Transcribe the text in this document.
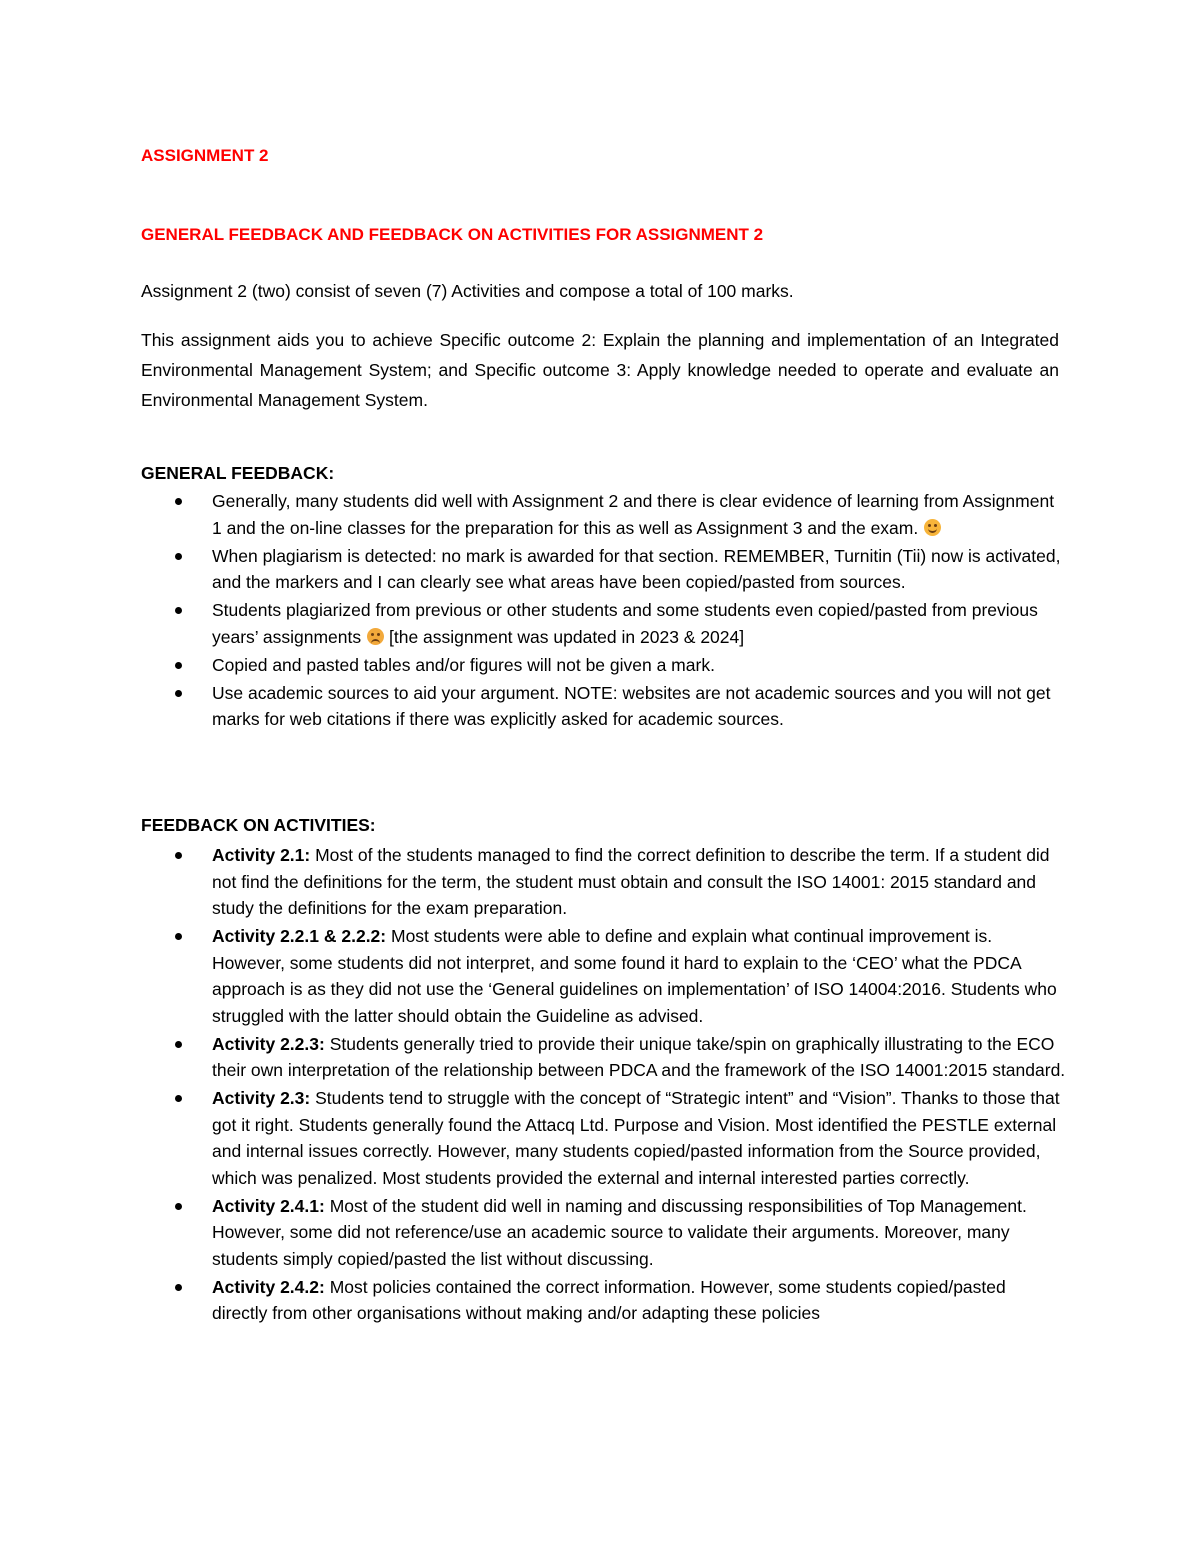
ASSIGNMENT 2
GENERAL FEEDBACK AND FEEDBACK ON ACTIVITIES FOR ASSIGNMENT 2
Assignment 2 (two) consist of seven (7) Activities and compose a total of 100 marks.
This assignment aids you to achieve Specific outcome 2: Explain the planning and implementation of an Integrated Environmental Management System; and Specific outcome 3: Apply knowledge needed to operate and evaluate an Environmental Management System.
GENERAL FEEDBACK:
Generally, many students did well with Assignment 2 and there is clear evidence of learning from Assignment 1 and the on-line classes for the preparation for this as well as Assignment 3 and the exam.
When plagiarism is detected: no mark is awarded for that section. REMEMBER, Turnitin (Tii) now is activated, and the markers and I can clearly see what areas have been copied/pasted from sources.
Students plagiarized from previous or other students and some students even copied/pasted from previous years’ assignments
[the assignment was updated in 2023 & 2024]
Copied and pasted tables and/or figures will not be given a mark.
Use academic sources to aid your argument. NOTE: websites are not academic sources and you will not get marks for web citations if there was explicitly asked for academic sources.
FEEDBACK ON ACTIVITIES:
Activity 2.1: Most of the students managed to find the correct definition to describe the term. If a student did not find the definitions for the term, the student must obtain and consult the ISO 14001: 2015 standard and study the definitions for the exam preparation.
Activity 2.2.1 & 2.2.2: Most students were able to define and explain what continual improvement is. However, some students did not interpret, and some found it hard to explain to the ‘CEO’ what the PDCA approach is as they did not use the ‘General guidelines on implementation’ of ISO 14004:2016. Students who struggled with the latter should obtain the Guideline as advised.
Activity 2.2.3: Students generally tried to provide their unique take/spin on graphically illustrating to the ECO their own interpretation of the relationship between PDCA and the framework of the ISO 14001:2015 standard.
Activity 2.3: Students tend to struggle with the concept of “Strategic intent” and “Vision”. Thanks to those that got it right. Students generally found the Attacq Ltd. Purpose and Vision. Most identified the PESTLE external and internal issues correctly. However, many students copied/pasted information from the Source provided, which was penalized. Most students provided the external and internal interested parties correctly.
Activity 2.4.1: Most of the student did well in naming and discussing responsibilities of Top Management. However, some did not reference/use an academic source to validate their arguments. Moreover, many students simply copied/pasted the list without discussing.
Activity 2.4.2: Most policies contained the correct information. However, some students copied/pasted directly from other organisations without making and/or adapting these policies
